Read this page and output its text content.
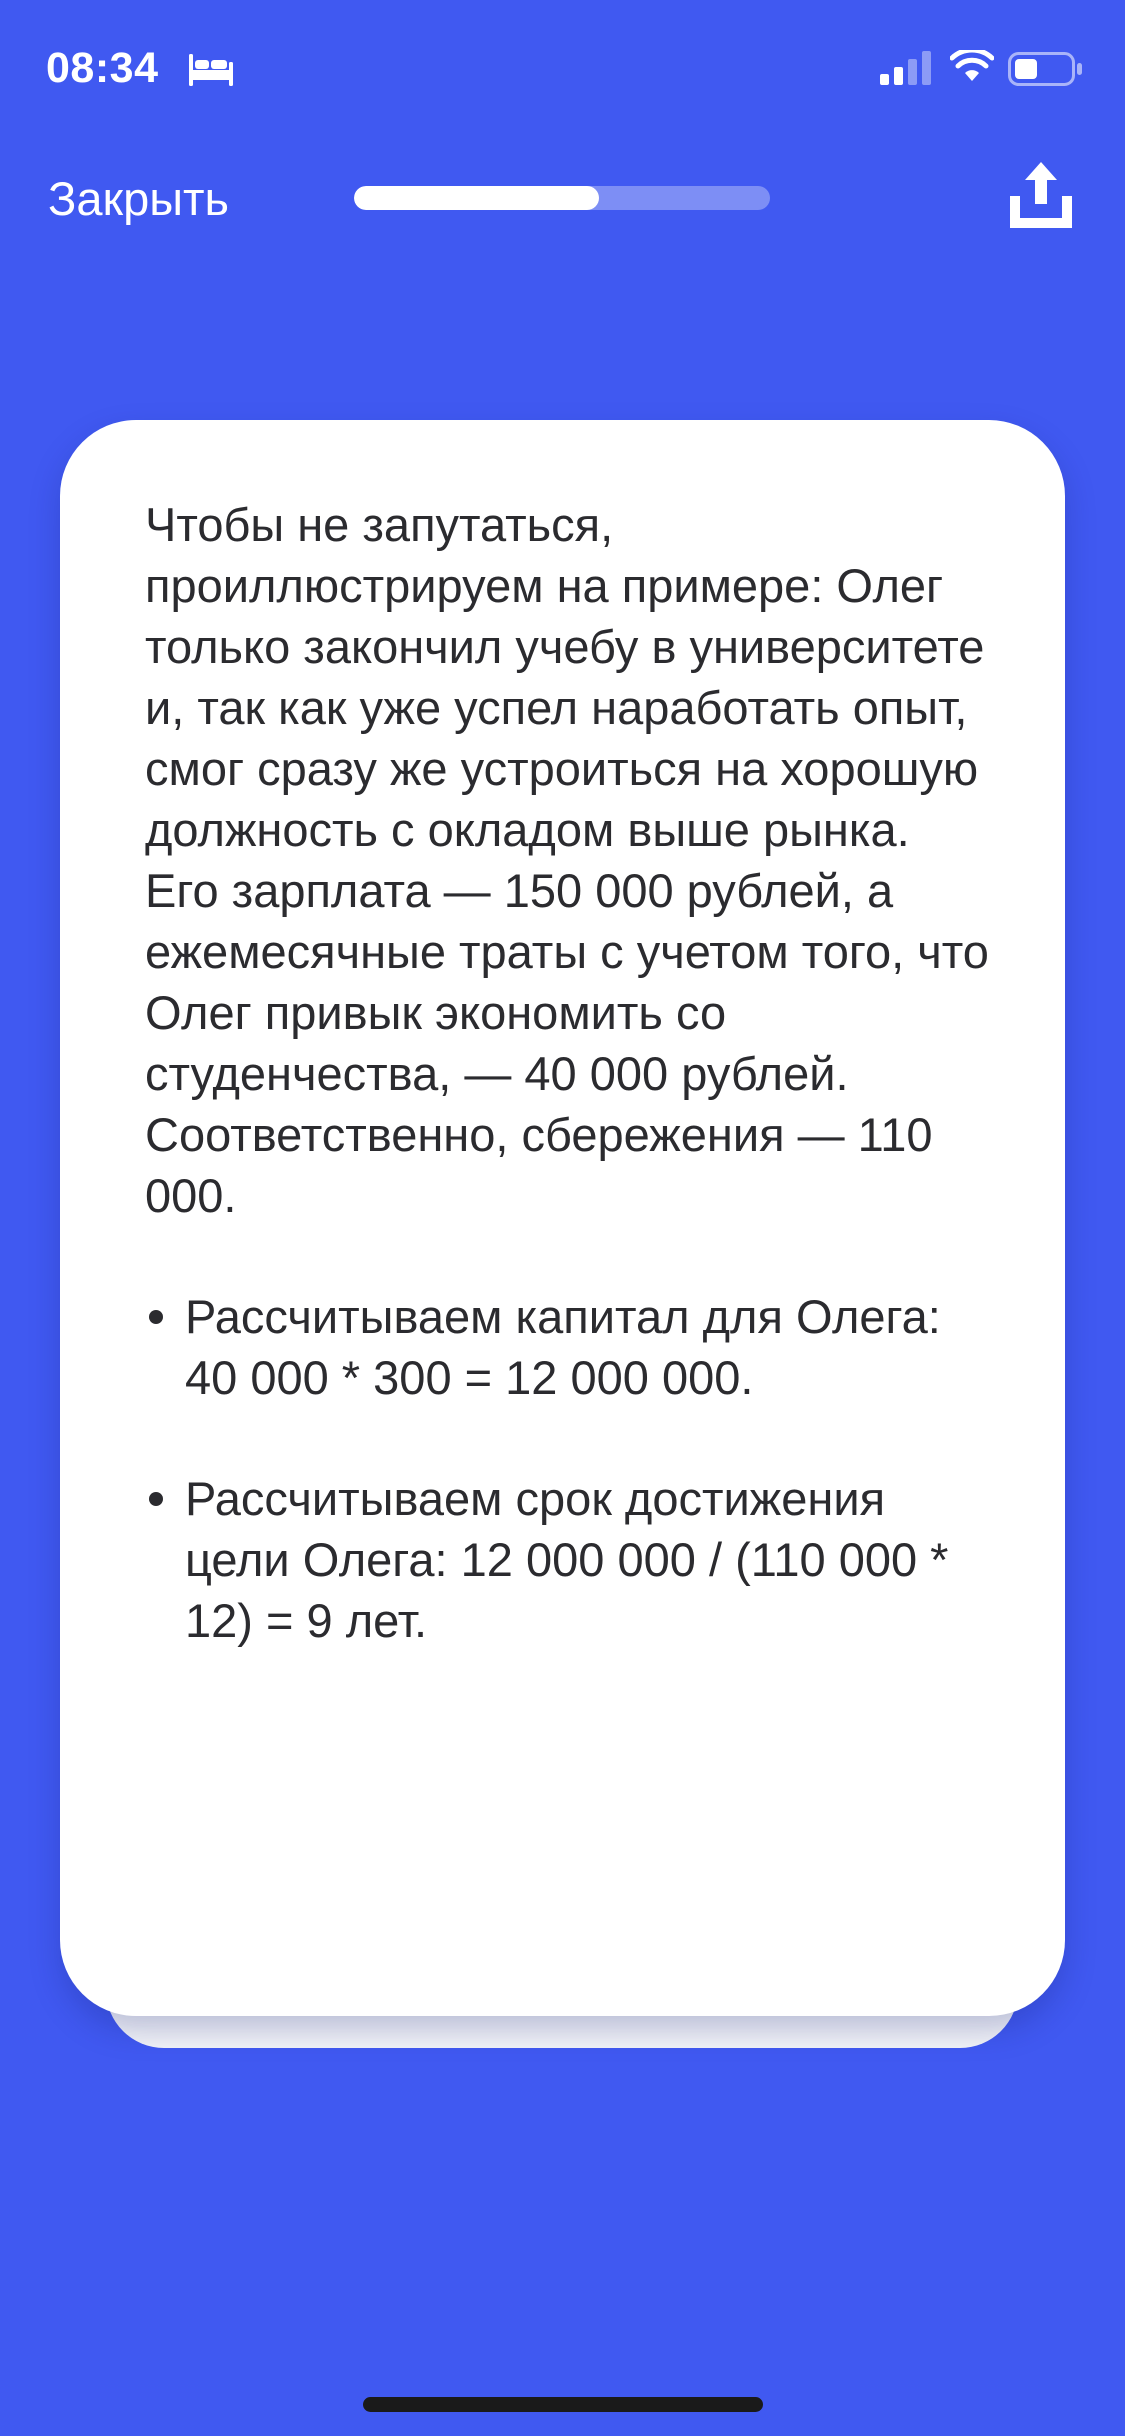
08:34
Закрыть

Чтобы не запутаться, проиллюстрируем на примере: Олег только закончил учебу в университете и, так как уже успел наработать опыт, смог сразу же устроиться на хорошую должность с окладом выше рынка. Его зарплата — 150 000 рублей, а ежемесячные траты с учетом того, что Олег привык экономить со студенчества, — 40 000 рублей. Соответственно, сбережения — 110 000.

Рассчитываем капитал для Олега: 40 000 * 300 = 12 000 000.
Рассчитываем срок достижения цели Олега: 12 000 000 / (110 000 * 12) = 9 лет.
